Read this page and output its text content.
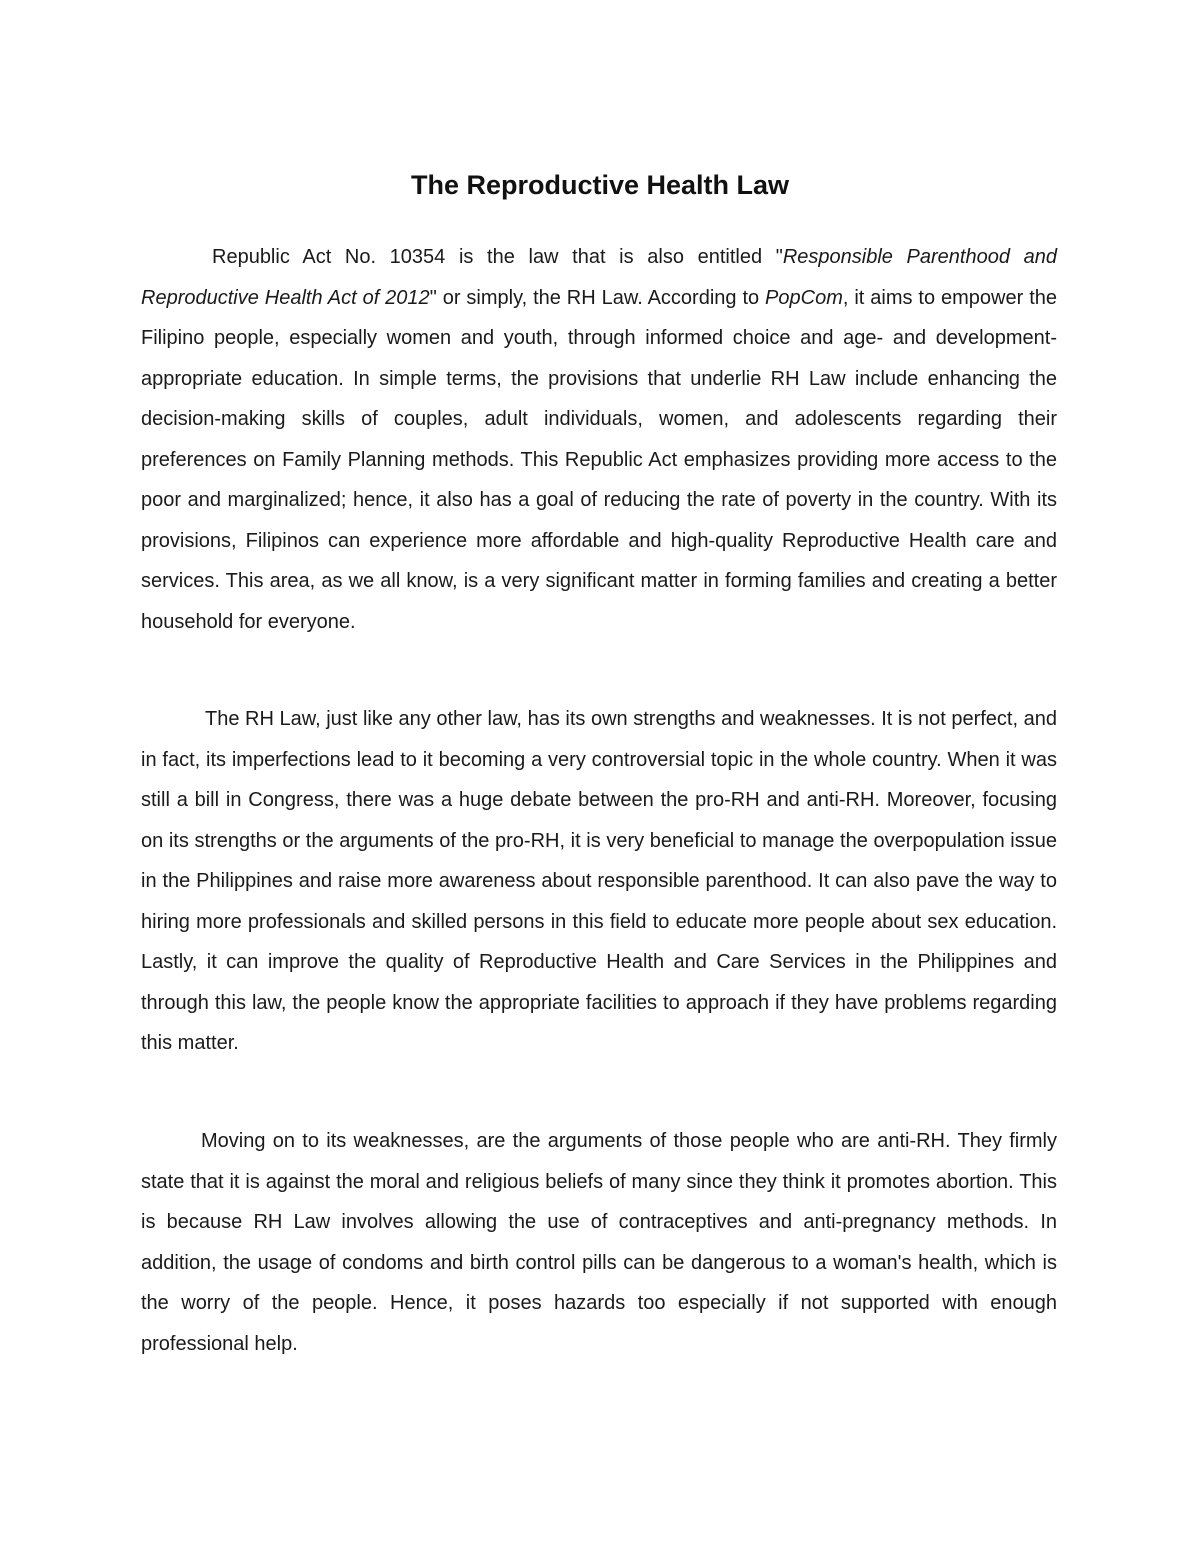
The Reproductive Health Law

Republic Act No. 10354 is the law that is also entitled "Responsible Parenthood and Reproductive Health Act of 2012" or simply, the RH Law. According to PopCom, it aims to empower the Filipino people, especially women and youth, through informed choice and age- and development- appropriate education. In simple terms, the provisions that underlie RH Law include enhancing the decision-making skills of couples, adult individuals, women, and adolescents regarding their preferences on Family Planning methods. This Republic Act emphasizes providing more access to the poor and marginalized; hence, it also has a goal of reducing the rate of poverty in the country. With its provisions, Filipinos can experience more affordable and high-quality Reproductive Health care and services. This area, as we all know, is a very significant matter in forming families and creating a better household for everyone.

The RH Law, just like any other law, has its own strengths and weaknesses. It is not perfect, and in fact, its imperfections lead to it becoming a very controversial topic in the whole country. When it was still a bill in Congress, there was a huge debate between the pro-RH and anti-RH. Moreover, focusing on its strengths or the arguments of the pro-RH, it is very beneficial to manage the overpopulation issue in the Philippines and raise more awareness about responsible parenthood. It can also pave the way to hiring more professionals and skilled persons in this field to educate more people about sex education. Lastly, it can improve the quality of Reproductive Health and Care Services in the Philippines and through this law, the people know the appropriate facilities to approach if they have problems regarding this matter.

Moving on to its weaknesses, are the arguments of those people who are anti-RH. They firmly state that it is against the moral and religious beliefs of many since they think it promotes abortion. This is because RH Law involves allowing the use of contraceptives and anti-pregnancy methods. In addition, the usage of condoms and birth control pills can be dangerous to a woman's health, which is the worry of the people. Hence, it poses hazards too especially if not supported with enough professional help.
